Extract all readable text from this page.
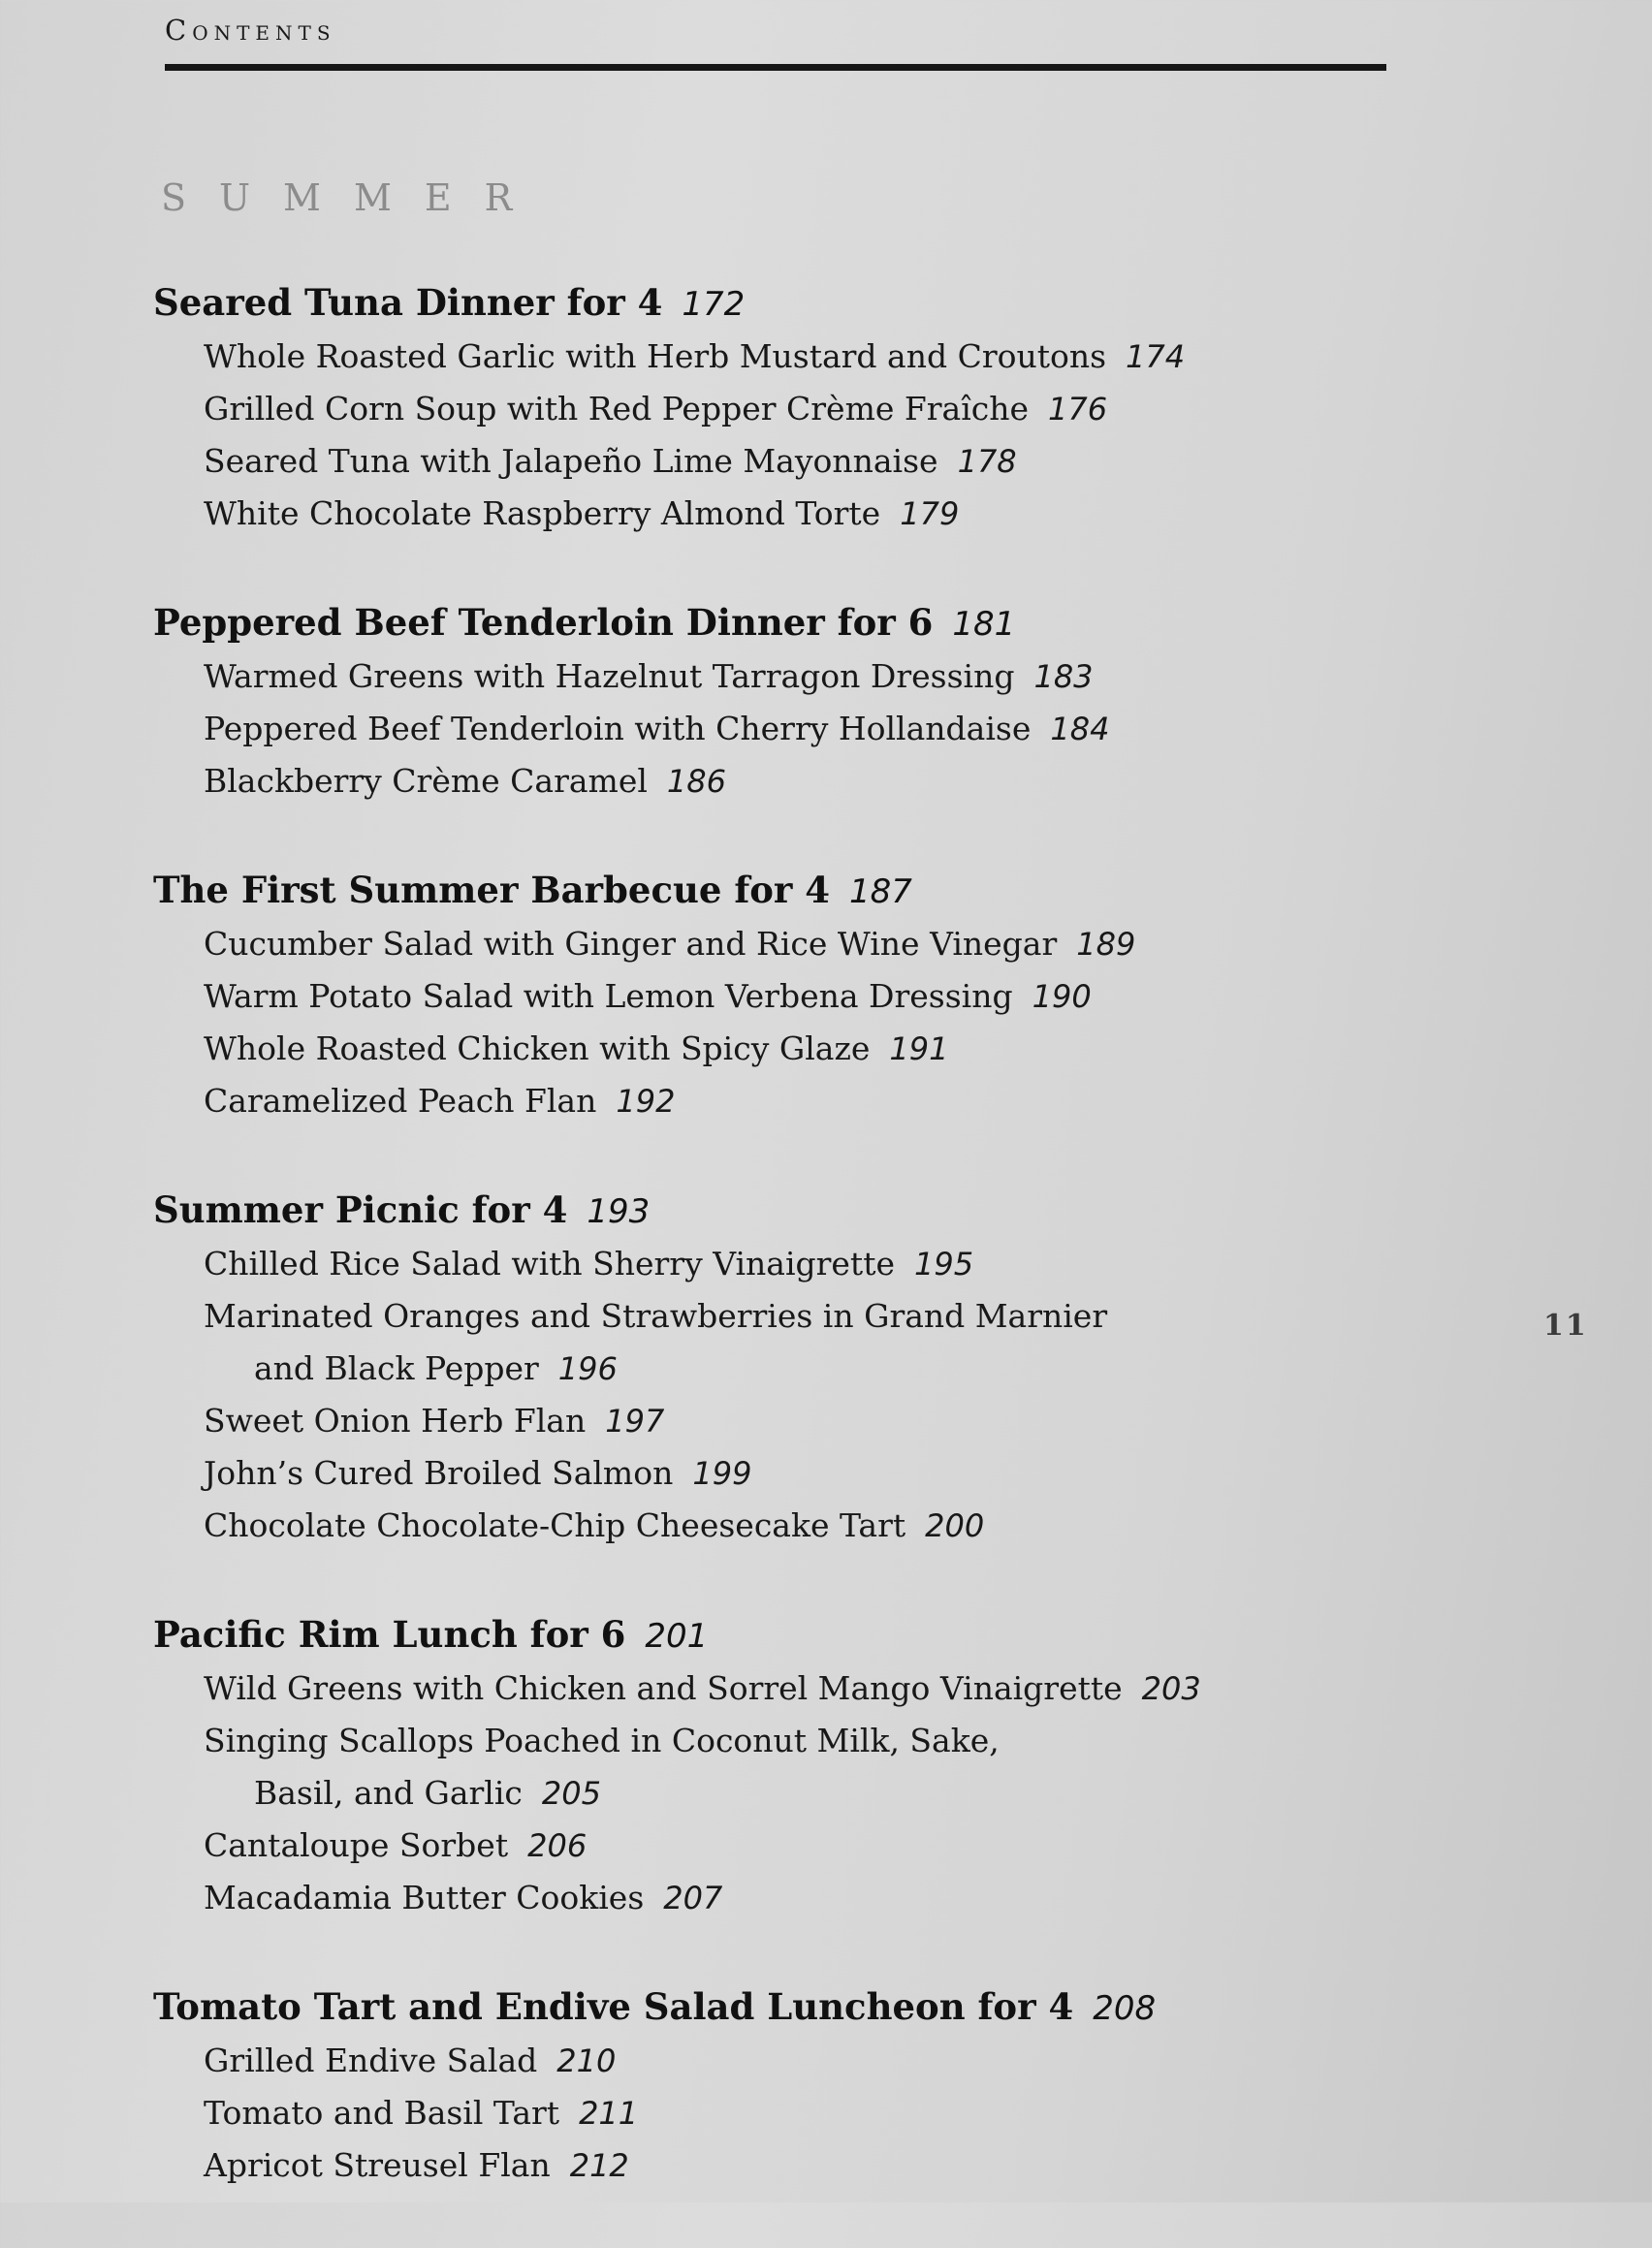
Contents
SUMMER
Seared Tuna Dinner for 4 172
Whole Roasted Garlic with Herb Mustard and Croutons 174
Grilled Corn Soup with Red Pepper Crème Fraîche 176
Seared Tuna with Jalapeño Lime Mayonnaise 178
White Chocolate Raspberry Almond Torte 179
Peppered Beef Tenderloin Dinner for 6 181
Warmed Greens with Hazelnut Tarragon Dressing 183
Peppered Beef Tenderloin with Cherry Hollandaise 184
Blackberry Crème Caramel 186
The First Summer Barbecue for 4 187
Cucumber Salad with Ginger and Rice Wine Vinegar 189
Warm Potato Salad with Lemon Verbena Dressing 190
Whole Roasted Chicken with Spicy Glaze 191
Caramelized Peach Flan 192
Summer Picnic for 4 193
Chilled Rice Salad with Sherry Vinaigrette 195
Marinated Oranges and Strawberries in Grand Marnier
and Black Pepper 196
Sweet Onion Herb Flan 197
John’s Cured Broiled Salmon 199
Chocolate Chocolate-Chip Cheesecake Tart 200
Pacific Rim Lunch for 6 201
Wild Greens with Chicken and Sorrel Mango Vinaigrette 203
Singing Scallops Poached in Coconut Milk, Sake,
Basil, and Garlic 205
Cantaloupe Sorbet 206
Macadamia Butter Cookies 207
Tomato Tart and Endive Salad Luncheon for 4 208
Grilled Endive Salad 210
Tomato and Basil Tart 211
Apricot Streusel Flan 212
11
